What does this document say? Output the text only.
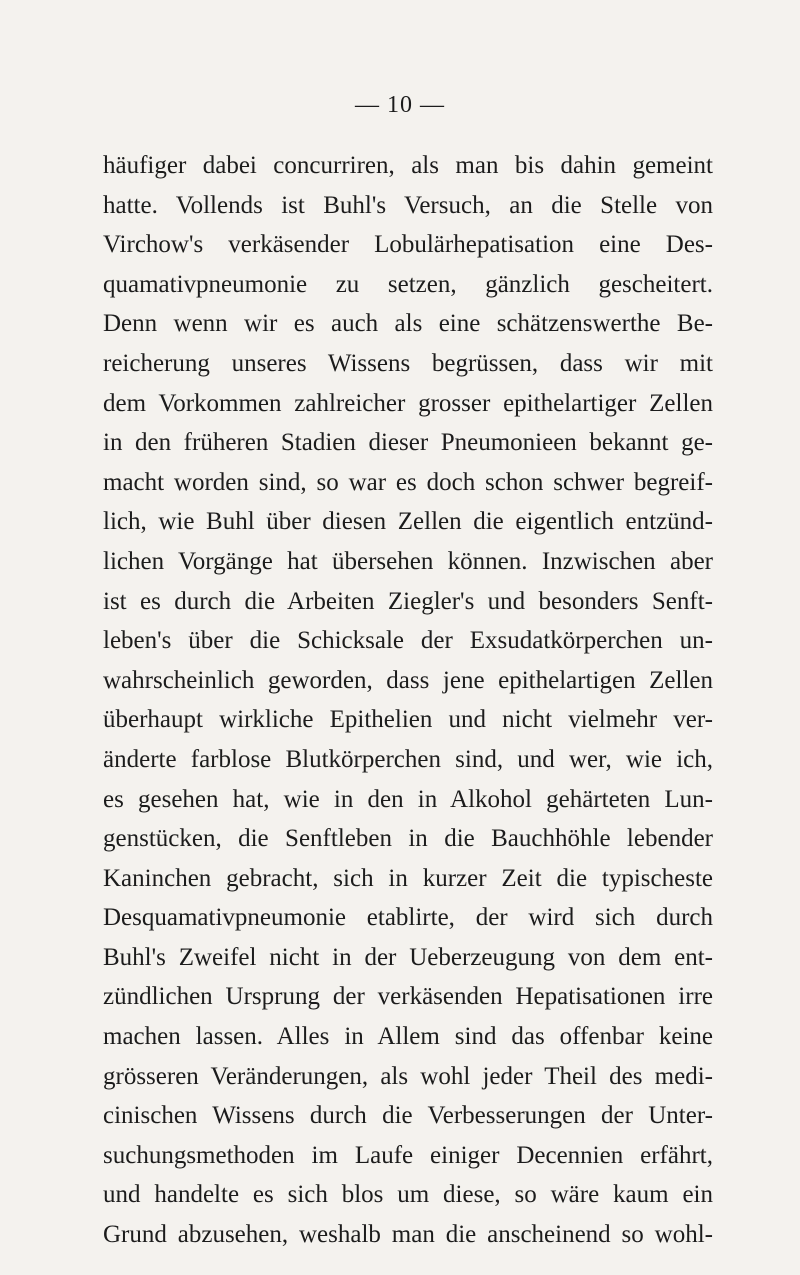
— 10 —
häufiger dabei concurriren, als man bis dahin gemeint
hatte. Vollends ist Buhl's Versuch, an die Stelle von
Virchow's verkäsender Lobulärhepatisation eine Des-
quamativpneumonie zu setzen, gänzlich gescheitert.
Denn wenn wir es auch als eine schätzenswerthe Be-
reicherung unseres Wissens begrüssen, dass wir mit
dem Vorkommen zahlreicher grosser epithelartiger Zellen
in den früheren Stadien dieser Pneumonieen bekannt ge-
macht worden sind, so war es doch schon schwer begreif-
lich, wie Buhl über diesen Zellen die eigentlich entzünd-
lichen Vorgänge hat übersehen können. Inzwischen aber
ist es durch die Arbeiten Ziegler's und besonders Senft-
leben's über die Schicksale der Exsudatkörperchen un-
wahrscheinlich geworden, dass jene epithelartigen Zellen
überhaupt wirkliche Epithelien und nicht vielmehr ver-
änderte farblose Blutkörperchen sind, und wer, wie ich,
es gesehen hat, wie in den in Alkohol gehärteten Lun-
genstücken, die Senftleben in die Bauchhöhle lebender
Kaninchen gebracht, sich in kurzer Zeit die typischeste
Desquamativpneumonie etablirte, der wird sich durch
Buhl's Zweifel nicht in der Ueberzeugung von dem ent-
zündlichen Ursprung der verkäsenden Hepatisationen irre
machen lassen. Alles in Allem sind das offenbar keine
grösseren Veränderungen, als wohl jeder Theil des medi-
cinischen Wissens durch die Verbesserungen der Unter-
suchungsmethoden im Laufe einiger Decennien erfährt,
und handelte es sich blos um diese, so wäre kaum ein
Grund abzusehen, weshalb man die anscheinend so wohl-
